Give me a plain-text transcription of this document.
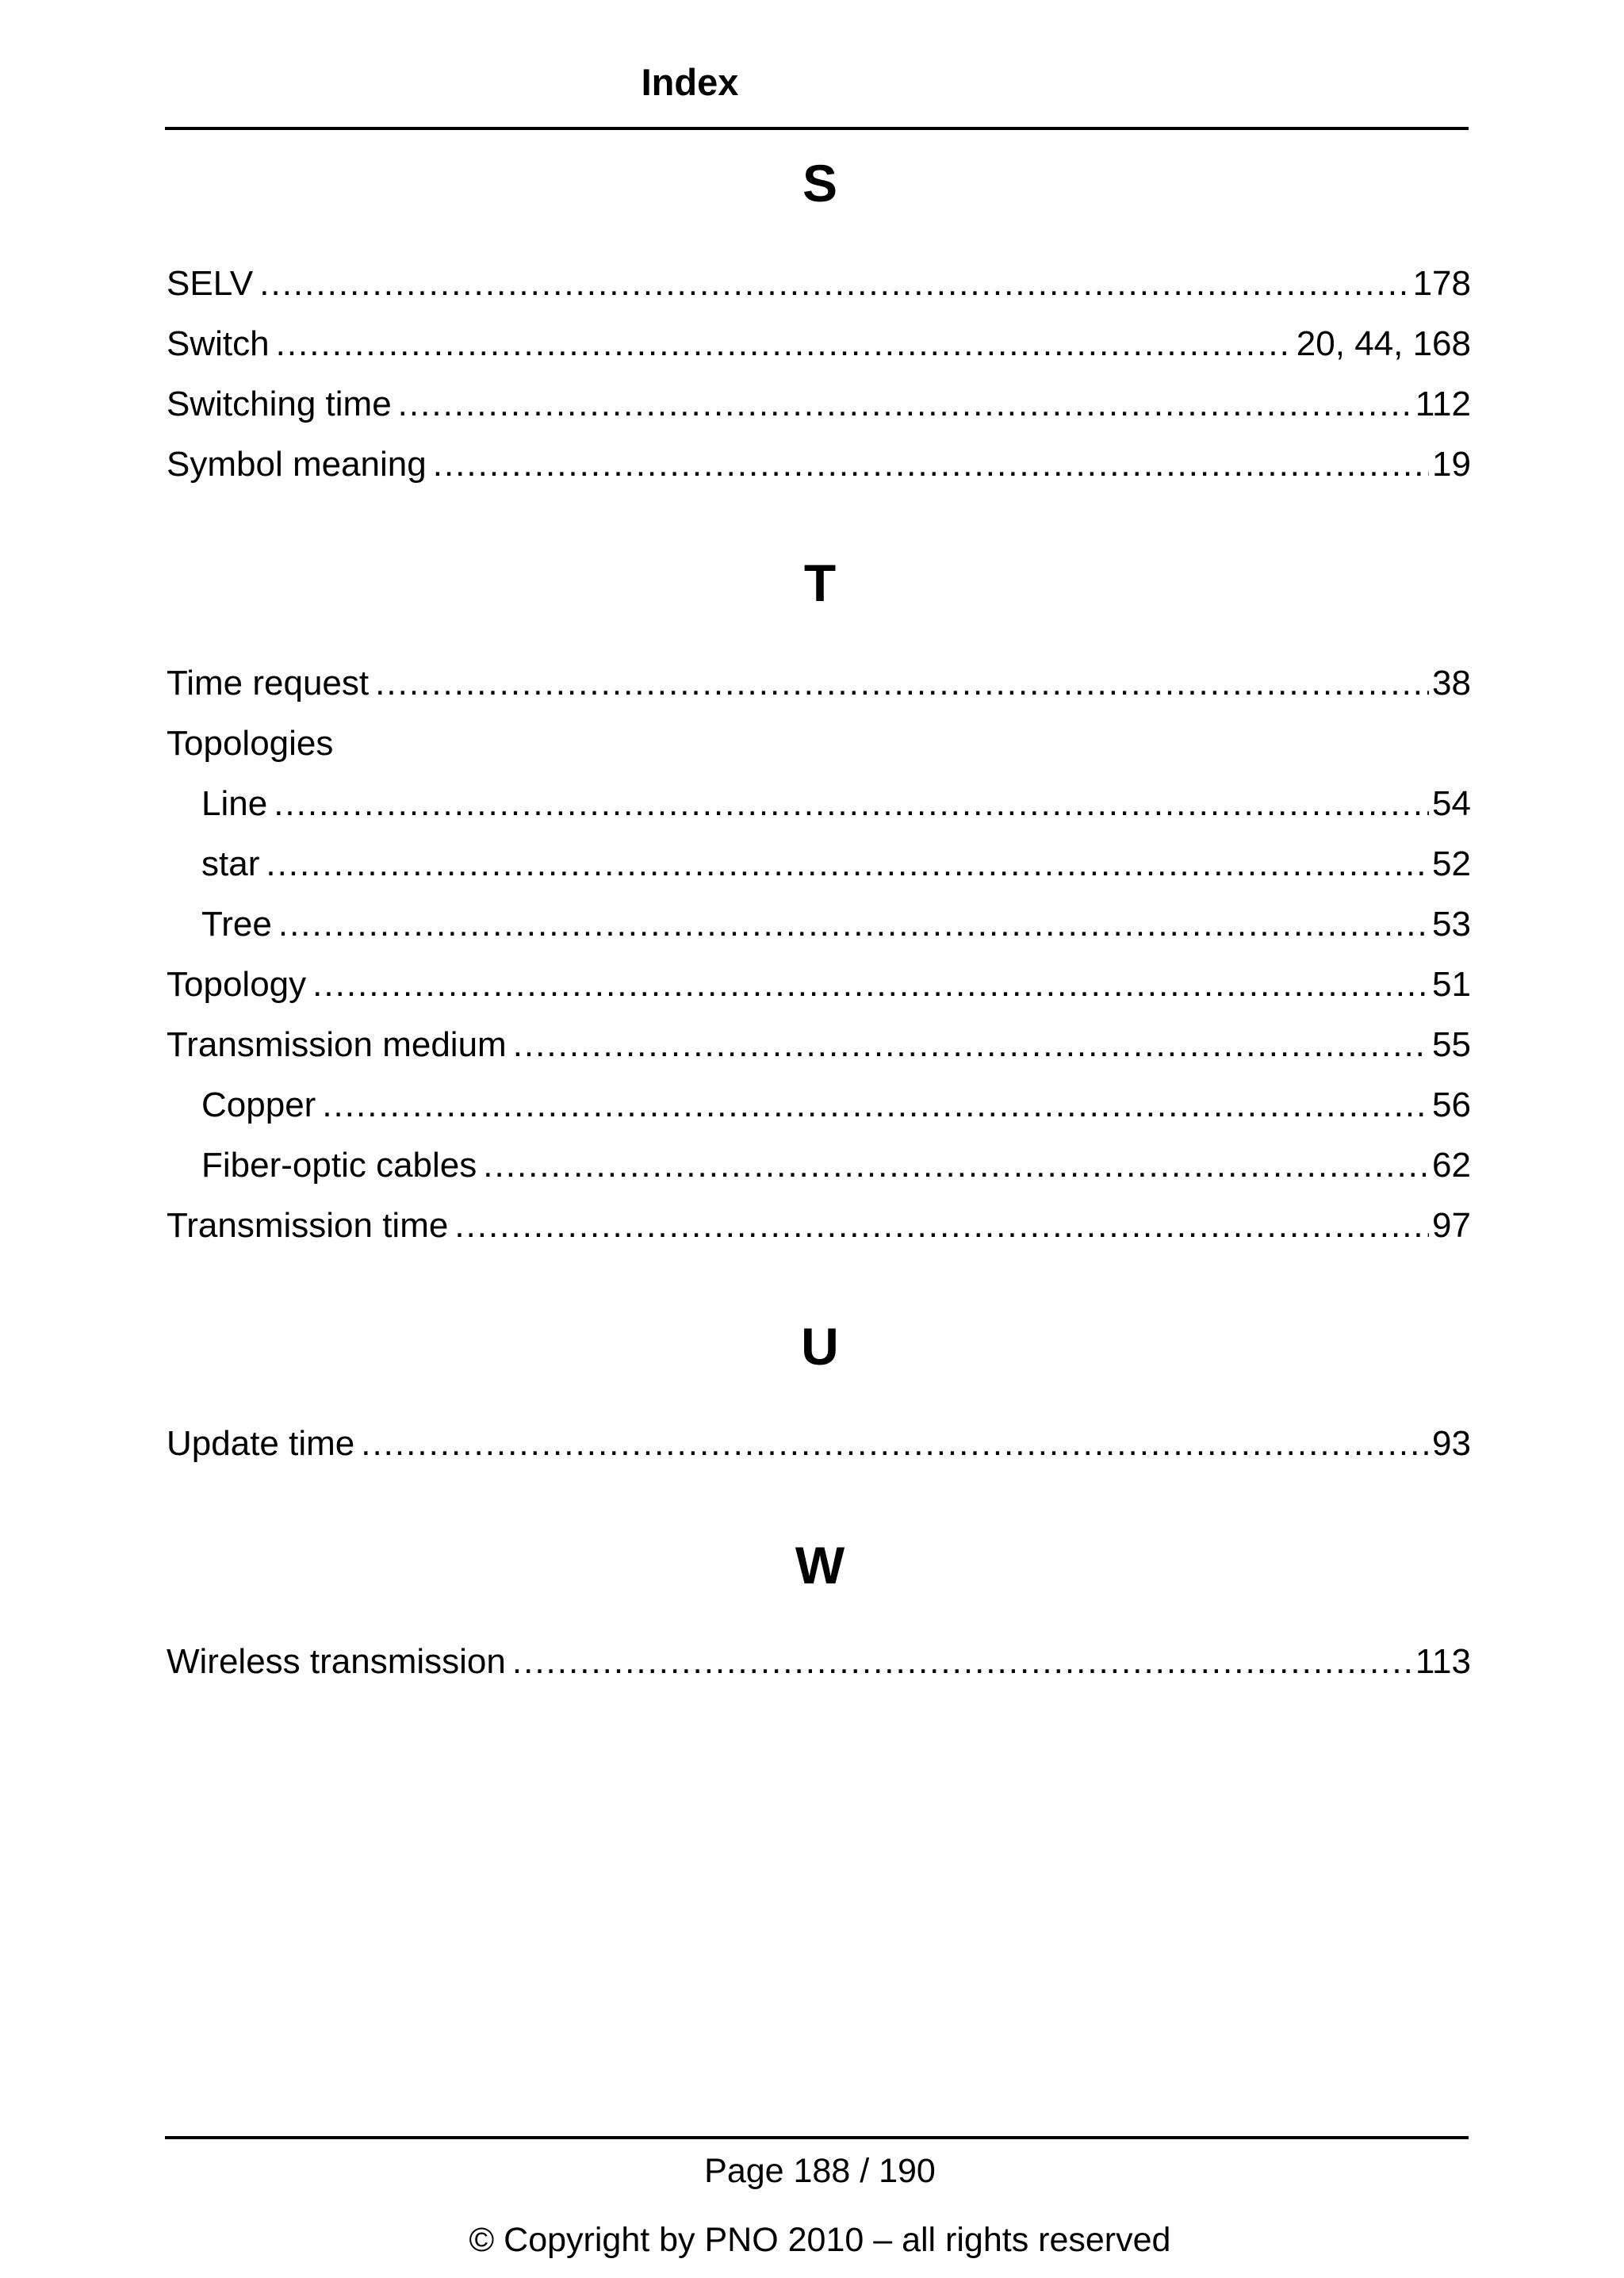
Index
S
SELV .....	178
Switch .....	20, 44, 168
Switching time .....	112
Symbol meaning .....	19
T
Time request .....	38
Topologies
Line .....	54
star .....	52
Tree .....	53
Topology .....	51
Transmission medium .....	55
Copper .....	56
Fiber-optic cables .....	62
Transmission time .....	97
U
Update time .....	93
W
Wireless transmission .....	113
Page 188 / 190
© Copyright by PNO 2010 – all rights reserved
